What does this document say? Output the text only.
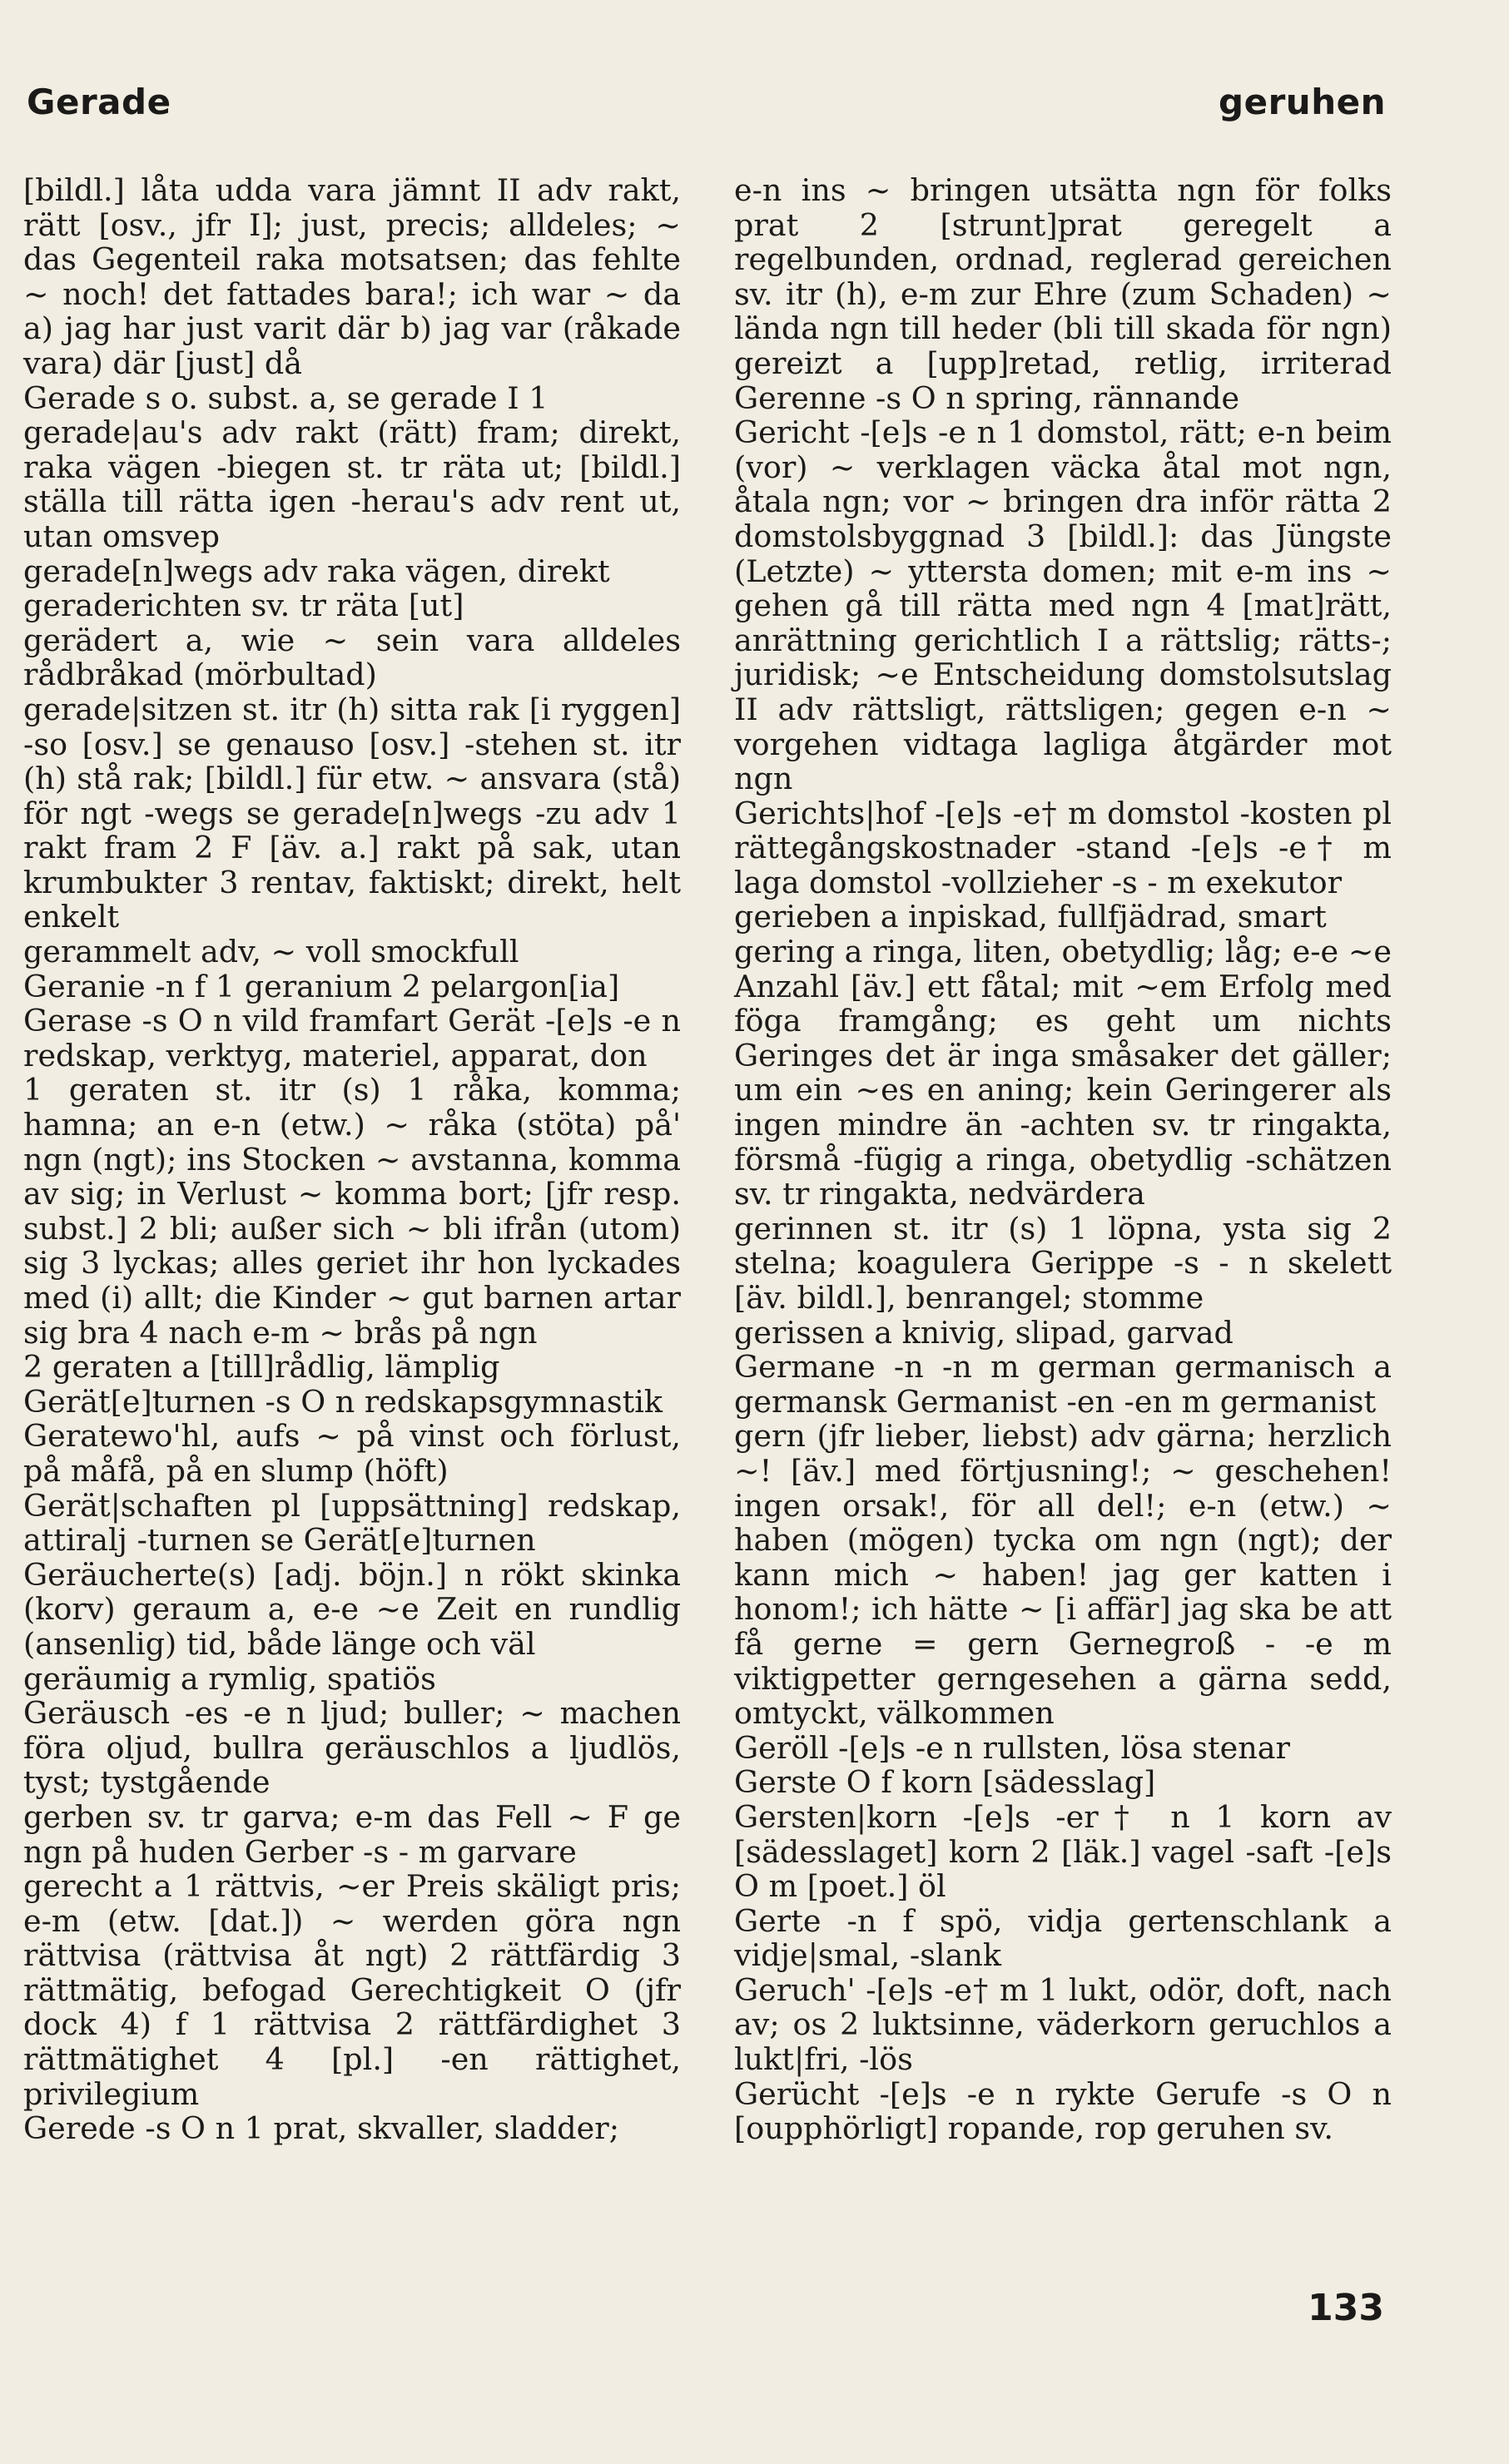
Gerade	geruhen

[bildl.] låta udda vara jämnt II adv rakt, rätt [osv., jfr I]; just, precis; alldeles; ~ das Gegenteil raka motsatsen; das fehlte ~ noch! det fattades bara!; ich war ~ da a) jag har just varit där b) jag var (råkade vara) där [just] då

Gerade s o. subst. a, se gerade I 1

gerade|au's adv rakt (rätt) fram; direkt, raka vägen -biegen st. tr räta ut; [bildl.] ställa till rätta igen -herau's adv rent ut, utan omsvep

gerade[n]wegs adv raka vägen, direkt

geraderichten sv. tr räta [ut]

gerädert a, wie ~ sein vara alldeles rådbråkad (mörbultad)

gerade|sitzen st. itr (h) sitta rak [i ryggen] -so [osv.] se genauso [osv.] -stehen st. itr (h) stå rak; [bildl.] für etw. ~ ansvara (stå) för ngt -wegs se gerade[n]wegs -zu adv 1 rakt fram 2 F [äv. a.] rakt på sak, utan krumbukter 3 rentav, faktiskt; direkt, helt enkelt

gerammelt adv, ~ voll smockfull

Geranie -n f 1 geranium 2 pelargon[ia]

Gerase -s O n vild framfart Gerät -[e]s -e n redskap, verktyg, materiel, apparat, don

1 geraten st. itr (s) 1 råka, komma; hamna; an e-n (etw.) ~ råka (stöta) på' ngn (ngt); ins Stocken ~ avstanna, komma av sig; in Verlust ~ komma bort; [jfr resp. subst.] 2 bli; außer sich ~ bli ifrån (utom) sig 3 lyckas; alles geriet ihr hon lyckades med (i) allt; die Kinder ~ gut barnen artar sig bra 4 nach e-m ~ brås på ngn

2 geraten a [till]rådlig, lämplig

Gerät[e]turnen -s O n redskapsgymnastik

Geratewo'hl, aufs ~ på vinst och förlust, på måfå, på en slump (höft)

Gerät|schaften pl [uppsättning] redskap, attiralj -turnen se Gerät[e]turnen

Geräucherte(s) [adj. böjn.] n rökt skinka (korv) geraum a, e-e ~e Zeit en rundlig (ansenlig) tid, både länge och väl

geräumig a rymlig, spatiös

Geräusch -es -e n ljud; buller; ~ machen föra oljud, bullra geräuschlos a ljudlös, tyst; tystgående

gerben sv. tr garva; e-m das Fell ~ F ge ngn på huden Gerber -s - m garvare

gerecht a 1 rättvis, ~er Preis skäligt pris; e-m (etw. [dat.]) ~ werden göra ngn rättvisa (rättvisa åt ngt) 2 rättfärdig 3 rättmätig, befogad Gerechtigkeit O (jfr dock 4) f 1 rättvisa 2 rättfärdighet 3 rättmätighet 4 [pl.] -en rättighet, privilegium

Gerede -s O n 1 prat, skvaller, sladder;

e-n ins ~ bringen utsätta ngn för folks prat 2 [strunt]prat geregelt a regelbunden, ordnad, reglerad gereichen sv. itr (h), e-m zur Ehre (zum Schaden) ~ lända ngn till heder (bli till skada för ngn) gereizt a [upp]retad, retlig, irriterad Gerenne -s O n spring, rännande

Gericht -[e]s -e n 1 domstol, rätt; e-n beim (vor) ~ verklagen väcka åtal mot ngn, åtala ngn; vor ~ bringen dra inför rätta 2 domstolsbyggnad 3 [bildl.]: das Jüngste (Letzte) ~ yttersta domen; mit e-m ins ~ gehen gå till rätta med ngn 4 [mat]rätt, anrättning gerichtlich I a rättslig; rätts-; juridisk; ~e Entscheidung domstolsutslag II adv rättsligt, rättsligen; gegen e-n ~ vorgehen vidtaga lagliga åtgärder mot ngn

Gerichts|hof -[e]s -e† m domstol -kosten pl rättegångskostnader -stand -[e]s -e† m laga domstol -vollzieher -s - m exekutor

gerieben a inpiskad, fullfjädrad, smart

gering a ringa, liten, obetydlig; låg; e-e ~e Anzahl [äv.] ett fåtal; mit ~em Erfolg med föga framgång; es geht um nichts Geringes det är inga småsaker det gäller; um ein ~es en aning; kein Geringerer als ingen mindre än -achten sv. tr ringakta, försmå -fügig a ringa, obetydlig -schätzen sv. tr ringakta, nedvärdera

gerinnen st. itr (s) 1 löpna, ysta sig 2 stelna; koagulera Gerippe -s - n skelett [äv. bildl.], benrangel; stomme

gerissen a knivig, slipad, garvad

Germane -n -n m german germanisch a germansk Germanist -en -en m germanist

gern (jfr lieber, liebst) adv gärna; herzlich ~! [äv.] med förtjusning!; ~ geschehen! ingen orsak!, för all del!; e-n (etw.) ~ haben (mögen) tycka om ngn (ngt); der kann mich ~ haben! jag ger katten i honom!; ich hätte ~ [i affär] jag ska be att få gerne = gern Gernegroß - -e m viktigpetter gerngesehen a gärna sedd, omtyckt, välkommen

Geröll -[e]s -e n rullsten, lösa stenar

Gerste O f korn [sädesslag]

Gersten|korn -[e]s -er† n 1 korn av [sädesslaget] korn 2 [läk.] vagel -saft -[e]s O m [poet.] öl

Gerte -n f spö, vidja gertenschlank a vidje|smal, -slank

Geruch' -[e]s -e† m 1 lukt, odör, doft, nach av; os 2 luktsinne, väderkorn geruchlos a lukt|fri, -lös

Gerücht -[e]s -e n rykte Gerufe -s O n [oupphörligt] ropande, rop geruhen sv.

133
